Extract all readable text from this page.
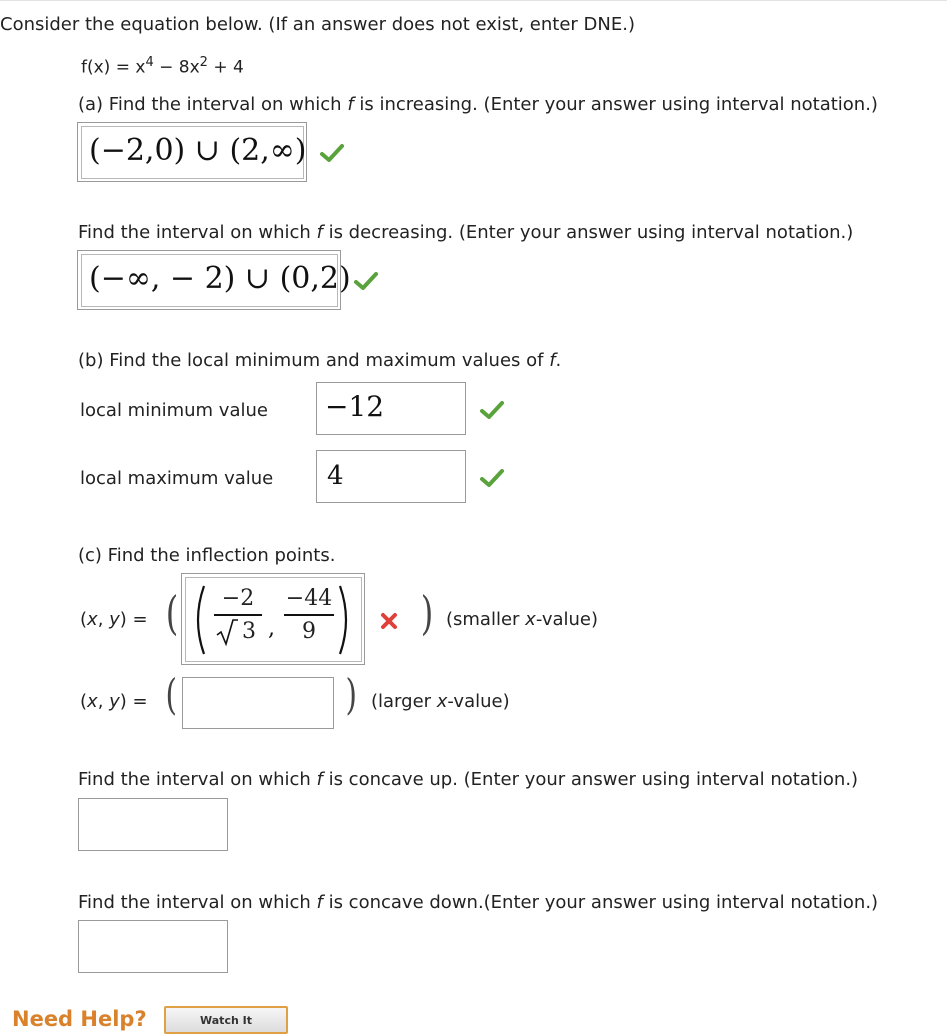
Consider the equation below. (If an answer does not exist, enter DNE.)
$f(x) = x^4 - 8x^2 + 4$
(a) Find the interval on which f is increasing. (Enter your answer using interval notation.)
(−2,0) ∪ (2,∞)
Find the interval on which f is decreasing. (Enter your answer using interval notation.)
(−∞, − 2) ∪ (0,2)
(b) Find the local minimum and maximum values of f.
local minimum value −12
local maximum value 4
(c) Find the inflection points.
(x, y) = (	−2
3 ,
−44
9	) (smaller x-value)
(x, y) = (	) (larger x-value)
Find the interval on which f is concave up. (Enter your answer using interval notation.)
Find the interval on which f is concave down.(Enter your answer using interval notation.)
Need Help?	Watch It
